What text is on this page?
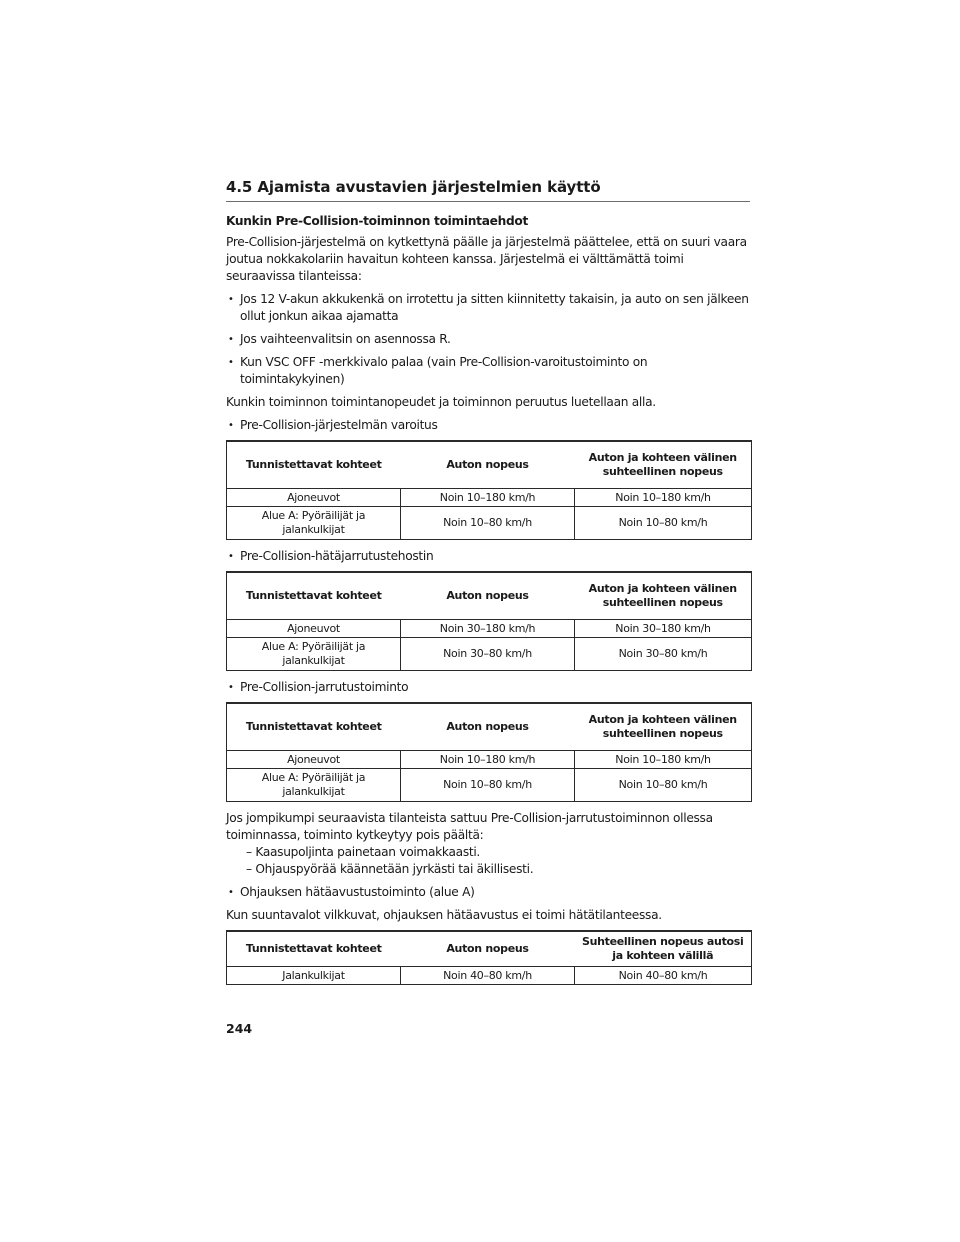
4.5 Ajamista avustavien järjestelmien käyttö
Kunkin Pre-Collision-toiminnon toimintaehdot

Pre-Collision-järjestelmä on kytkettynä päälle ja järjestelmä päättelee, että on suuri vaara joutua nokkakolariin havaitun kohteen kanssa. Järjestelmä ei välttämättä toimi seuraavissa tilanteissa:

• Jos 12 V-akun akkukenkä on irrotettu ja sitten kiinnitetty takaisin, ja auto on sen jälkeen ollut jonkun aikaa ajamatta
• Jos vaihteenvalitsin on asennossa R.
• Kun VSC OFF -merkkivalo palaa (vain Pre-Collision-varoitustoiminto on toimintakykyinen)

Kunkin toiminnon toimintanopeudet ja toiminnon peruutus luetellaan alla.

• Pre-Collision-järjestelmän varoitus
Tunnistettavat kohteet	Auton nopeus	Auton ja kohteen välinen suhteellinen nopeus
Ajoneuvot	Noin 10–180 km/h	Noin 10–180 km/h
Alue A: Pyöräilijät ja jalankulkijat	Noin 10–80 km/h	Noin 10–80 km/h
• Pre-Collision-hätäjarrutustehostin
Tunnistettavat kohteet	Auton nopeus	Auton ja kohteen välinen suhteellinen nopeus
Ajoneuvot	Noin 30–180 km/h	Noin 30–180 km/h
Alue A: Pyöräilijät ja jalankulkijat	Noin 30–80 km/h	Noin 30–80 km/h
• Pre-Collision-jarrutustoiminto
Tunnistettavat kohteet	Auton nopeus	Auton ja kohteen välinen suhteellinen nopeus
Ajoneuvot	Noin 10–180 km/h	Noin 10–180 km/h
Alue A: Pyöräilijät ja jalankulkijat	Noin 10–80 km/h	Noin 10–80 km/h

Jos jompikumpi seuraavista tilanteista sattuu Pre-Collision-jarrutustoiminnon ollessa toiminnassa, toiminto kytkeytyy pois päältä:

– Kaasupoljinta painetaan voimakkaasti.
– Ohjauspyörää käännetään jyrkästi tai äkillisesti.
• Ohjauksen hätäavustustoiminto (alue A)

Kun suuntavalot vilkkuvat, ohjauksen hätäavustus ei toimi hätätilanteessa.

Tunnistettavat kohteet	Auton nopeus	Suhteellinen nopeus autosi ja kohteen välillä
Jalankulkijat	Noin 40–80 km/h	Noin 40–80 km/h
244
